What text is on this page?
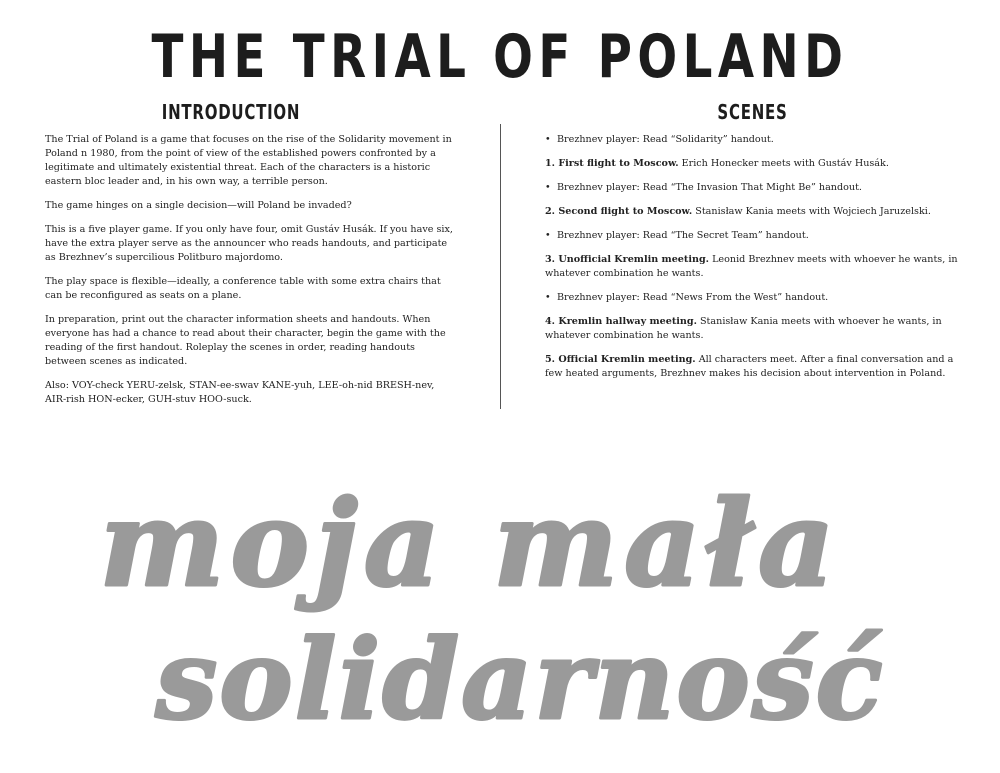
THE TRIAL OF POLAND
INTRODUCTION

The Trial of Poland is a game that focuses on the rise of the Solidarity movement in Poland n 1980, from the point of view of the established powers confronted by a legitimate and ultimately existential threat. Each of the characters is a historic eastern bloc leader and, in his own way, a terrible person.

The game hinges on a single decision—will Poland be invaded?

This is a five player game. If you only have four, omit Gustáv Husák. If you have six, have the extra player serve as the announcer who reads handouts, and participate as Brezhnev’s supercilious Politburo majordomo.

The play space is flexible—ideally, a conference table with some extra chairs that can be reconfigured as seats on a plane.

In preparation, print out the character information sheets and handouts. When everyone has had a chance to read about their character, begin the game with the reading of the first handout. Roleplay the scenes in order, reading handouts between scenes as indicated.

Also: VOY-check YERU-zelsk, STAN-ee-swav KANE-yuh, LEE-oh-nid BRESH-nev, AIR-rish HON-ecker, GUH-stuv HOO-suck.

SCENES
• Brezhnev player: Read “Solidarity” handout.
1. First flight to Moscow. Erich Honecker meets with Gustáv Husák.
• Brezhnev player: Read “The Invasion That Might Be” handout.
2. Second flight to Moscow. Stanisław Kania meets with Wojciech Jaruzelski.
• Brezhnev player: Read “The Secret Team” handout.
3. Unofficial Kremlin meeting. Leonid Brezhnev meets with whoever he wants, in whatever combination he wants.
• Brezhnev player: Read “News From the West” handout.
4. Kremlin hallway meeting. Stanisław Kania meets with whoever he wants, in whatever combination he wants.
5. Official Kremlin meeting. All characters meet. After a final conversation and a few heated arguments, Brezhnev makes his decision about intervention in Poland.
moja mała
solidarność
